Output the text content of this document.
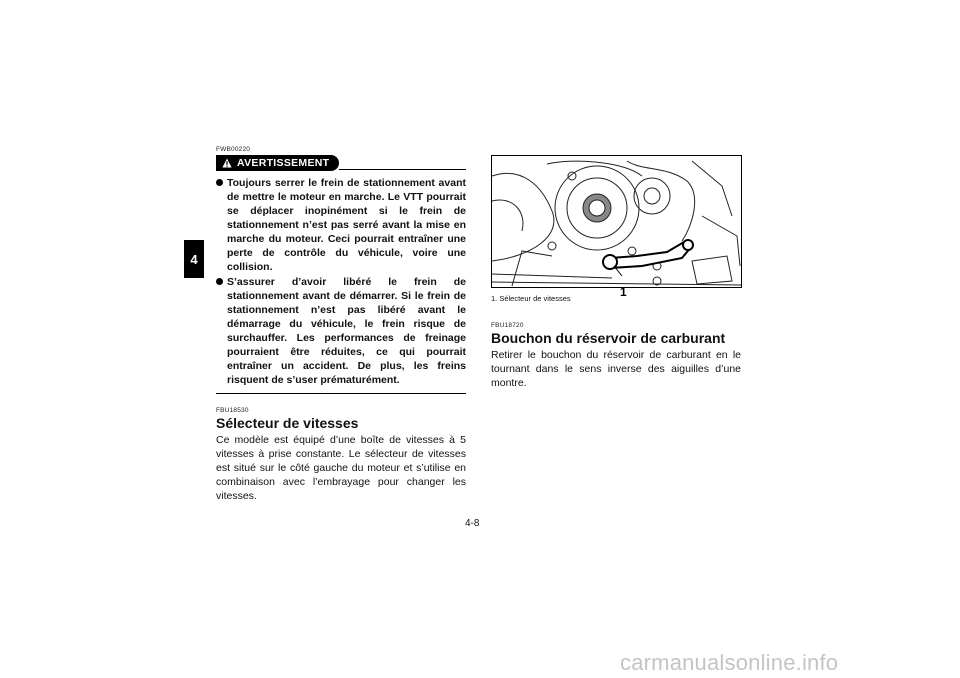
4
FWB00220
AVERTISSEMENT
Toujours serrer le frein de stationnement avant de mettre le moteur en marche. Le VTT pourrait se déplacer inopinément si le frein de stationnement n’est pas serré avant la mise en marche du moteur. Ceci pourrait entraîner une perte de contrôle du véhicule, voire une collision.
S’assurer d’avoir libéré le frein de stationnement avant de démarrer. Si le frein de stationnement n’est pas libéré avant le démarrage du véhicule, le frein risque de surchauffer. Les performances de freinage pourraient être réduites, ce qui pourrait entraîner un accident. De plus, les freins risquent de s’user prématurément.
FBU18530
Sélecteur de vitesses

Ce modèle est équipé d’une boîte de vitesses à 5 vitesses à prise constante. Le sélecteur de vitesses est situé sur le côté gauche du moteur et s’utilise en combinaison avec l’embrayage pour changer les vitesses.

1
1. Sélecteur de vitesses
FBU18720
Bouchon du réservoir de carburant

Retirer le bouchon du réservoir de carburant en le tournant dans le sens inverse des aiguilles d’une montre.

4-8
carmanualsonline.info
